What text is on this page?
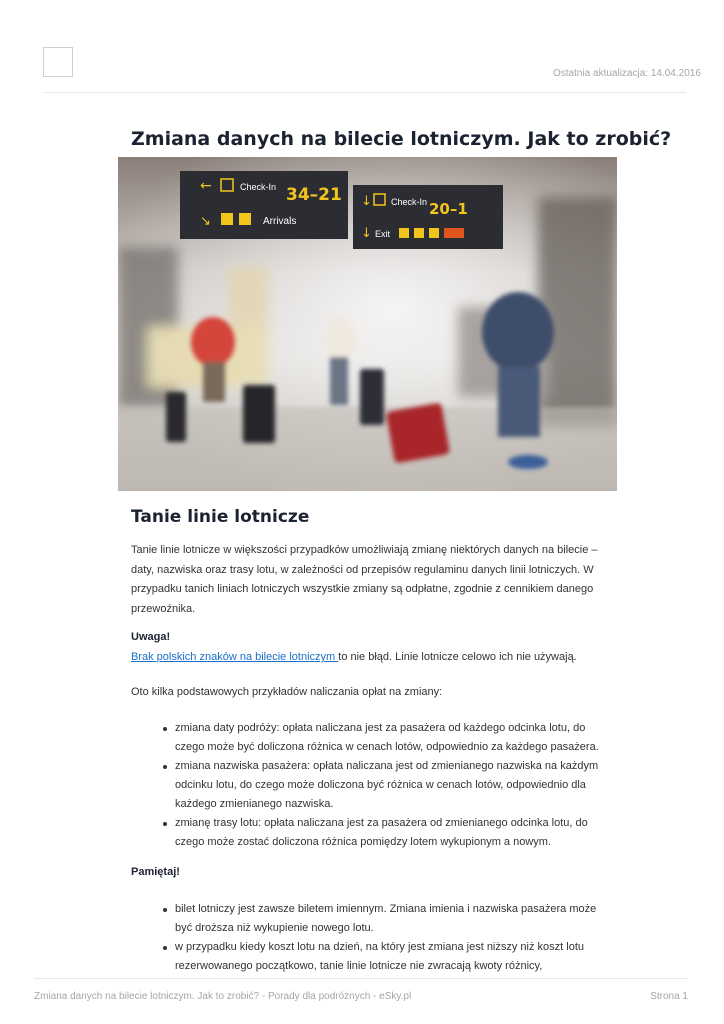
Ostatnia aktualizacja: 14.04.2016
Zmiana danych na bilecie lotniczym. Jak to zrobić?
←	Check-In 34–21
↘	Arrivals
↓ Check-In 20–1
↓ Exit
Tanie linie lotnicze

Tanie linie lotnicze w większości przypadków umożliwiają zmianę niektórych danych na bilecie – daty, nazwiska oraz trasy lotu, w zależności od przepisów regulaminu danych linii lotniczych. W przypadku tanich liniach lotniczych wszystkie zmiany są odpłatne, zgodnie z cennikiem danego przewoźnika.

Uwaga!

Brak polskich znaków na bilecie lotniczym to nie błąd. Linie lotnicze celowo ich nie używają.

Oto kilka podstawowych przykładów naliczania opłat na zmiany:

zmiana daty podróży: opłata naliczana jest za pasażera od każdego odcinka lotu, do czego może być doliczona różnica w cenach lotów, odpowiednio za każdego pasażera.
zmiana nazwiska pasażera: opłata naliczana jest od zmienianego nazwiska na każdym odcinku lotu, do czego może doliczona być różnica w cenach lotów, odpowiednio dla każdego zmienianego nazwiska.
zmianę trasy lotu: opłata naliczana jest za pasażera od zmienianego odcinka lotu, do czego może zostać doliczona różnica pomiędzy lotem wykupionym a nowym.

Pamiętaj!

bilet lotniczy jest zawsze biletem imiennym. Zmiana imienia i nazwiska pasażera może być droższa niż wykupienie nowego lotu.
w przypadku kiedy koszt lotu na dzień, na który jest zmiana jest niższy niż koszt lotu rezerwowanego początkowo, tanie linie lotnicze nie zwracają kwoty różnicy,
Zmiana danych na bilecie lotniczym. Jak to zrobić? - Porady dla podróżnych - eSky.pl	Strona 1
